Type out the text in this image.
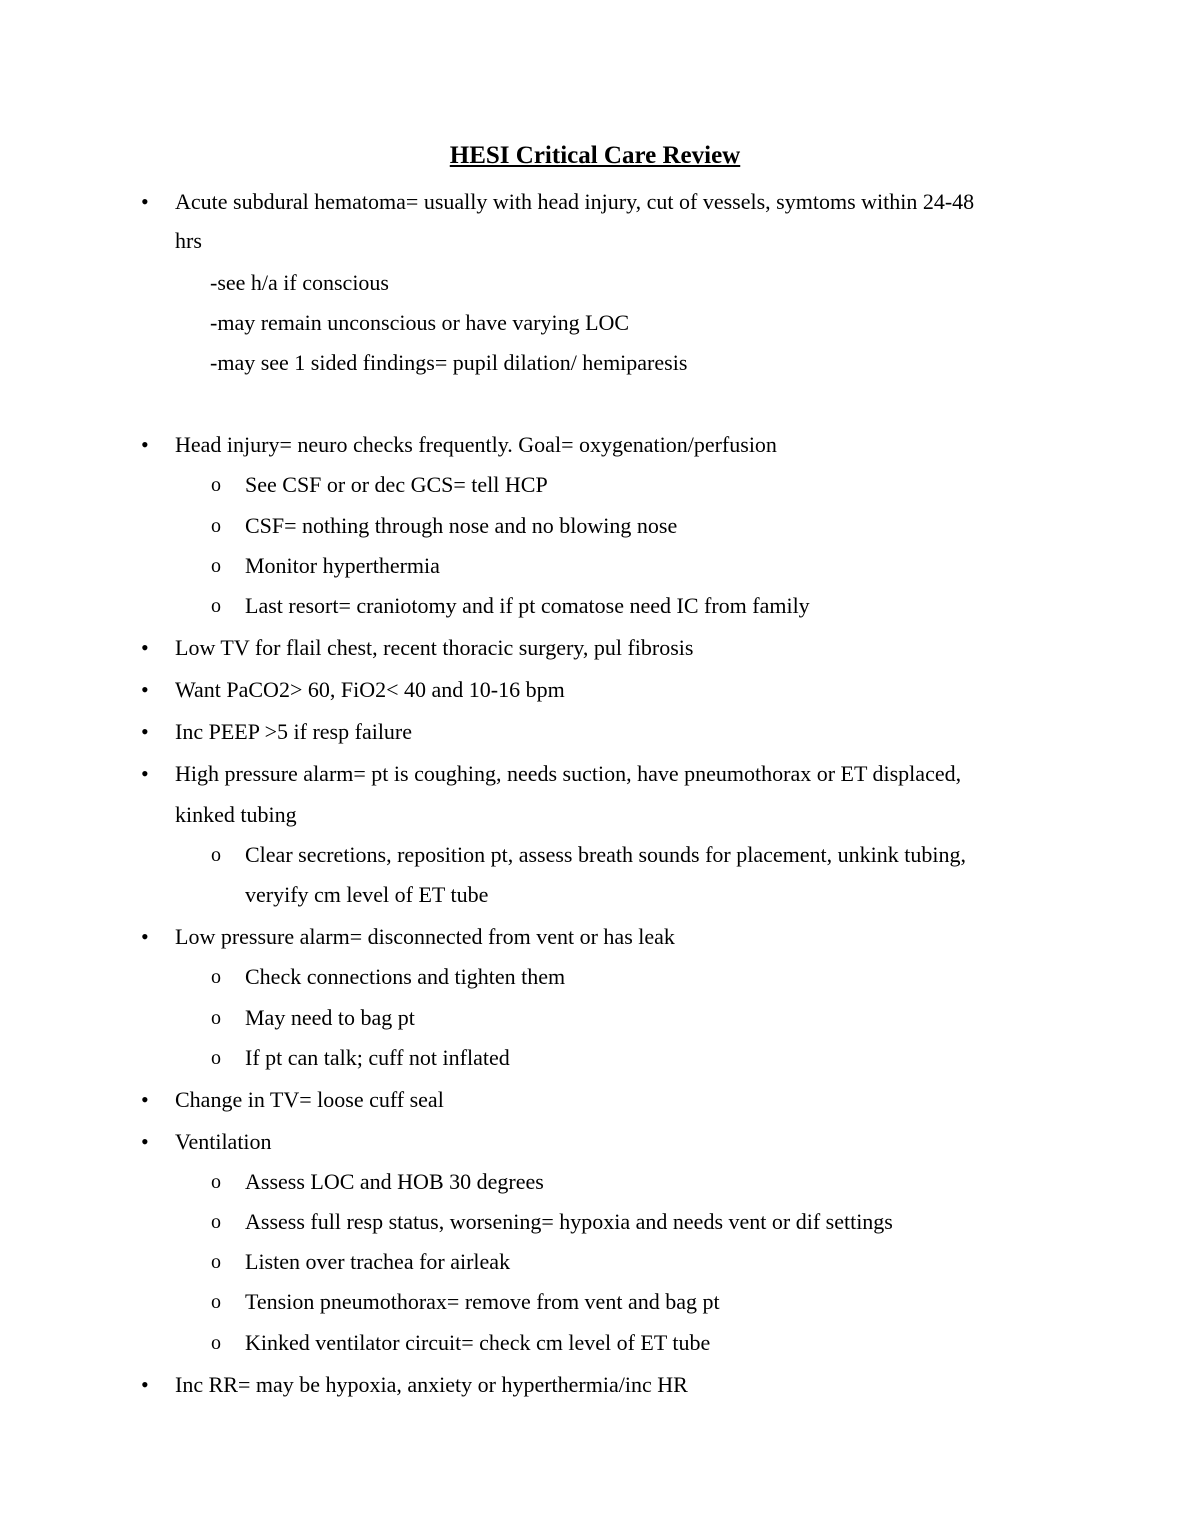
HESI Critical Care Review
• Acute subdural hematoma= usually with head injury, cut of vessels, symtoms within 24-48
hrs
-see h/a if conscious
-may remain unconscious or have varying LOC
-may see 1 sided findings= pupil dilation/ hemiparesis
• Head injury= neuro checks frequently. Goal= oxygenation/perfusion
o See CSF or or dec GCS= tell HCP
o CSF= nothing through nose and no blowing nose
o Monitor hyperthermia
o Last resort= craniotomy and if pt comatose need IC from family
• Low TV for flail chest, recent thoracic surgery, pul fibrosis
• Want PaCO2> 60, FiO2< 40 and 10-16 bpm
• Inc PEEP >5 if resp failure
• High pressure alarm= pt is coughing, needs suction, have pneumothorax or ET displaced,
kinked tubing
o Clear secretions, reposition pt, assess breath sounds for placement, unkink tubing,
veryify cm level of ET tube
• Low pressure alarm= disconnected from vent or has leak
o Check connections and tighten them
o May need to bag pt
o If pt can talk; cuff not inflated
• Change in TV= loose cuff seal
• Ventilation
o Assess LOC and HOB 30 degrees
o Assess full resp status, worsening= hypoxia and needs vent or dif settings
o Listen over trachea for airleak
o Tension pneumothorax= remove from vent and bag pt
o Kinked ventilator circuit= check cm level of ET tube
• Inc RR= may be hypoxia, anxiety or hyperthermia/inc HR
